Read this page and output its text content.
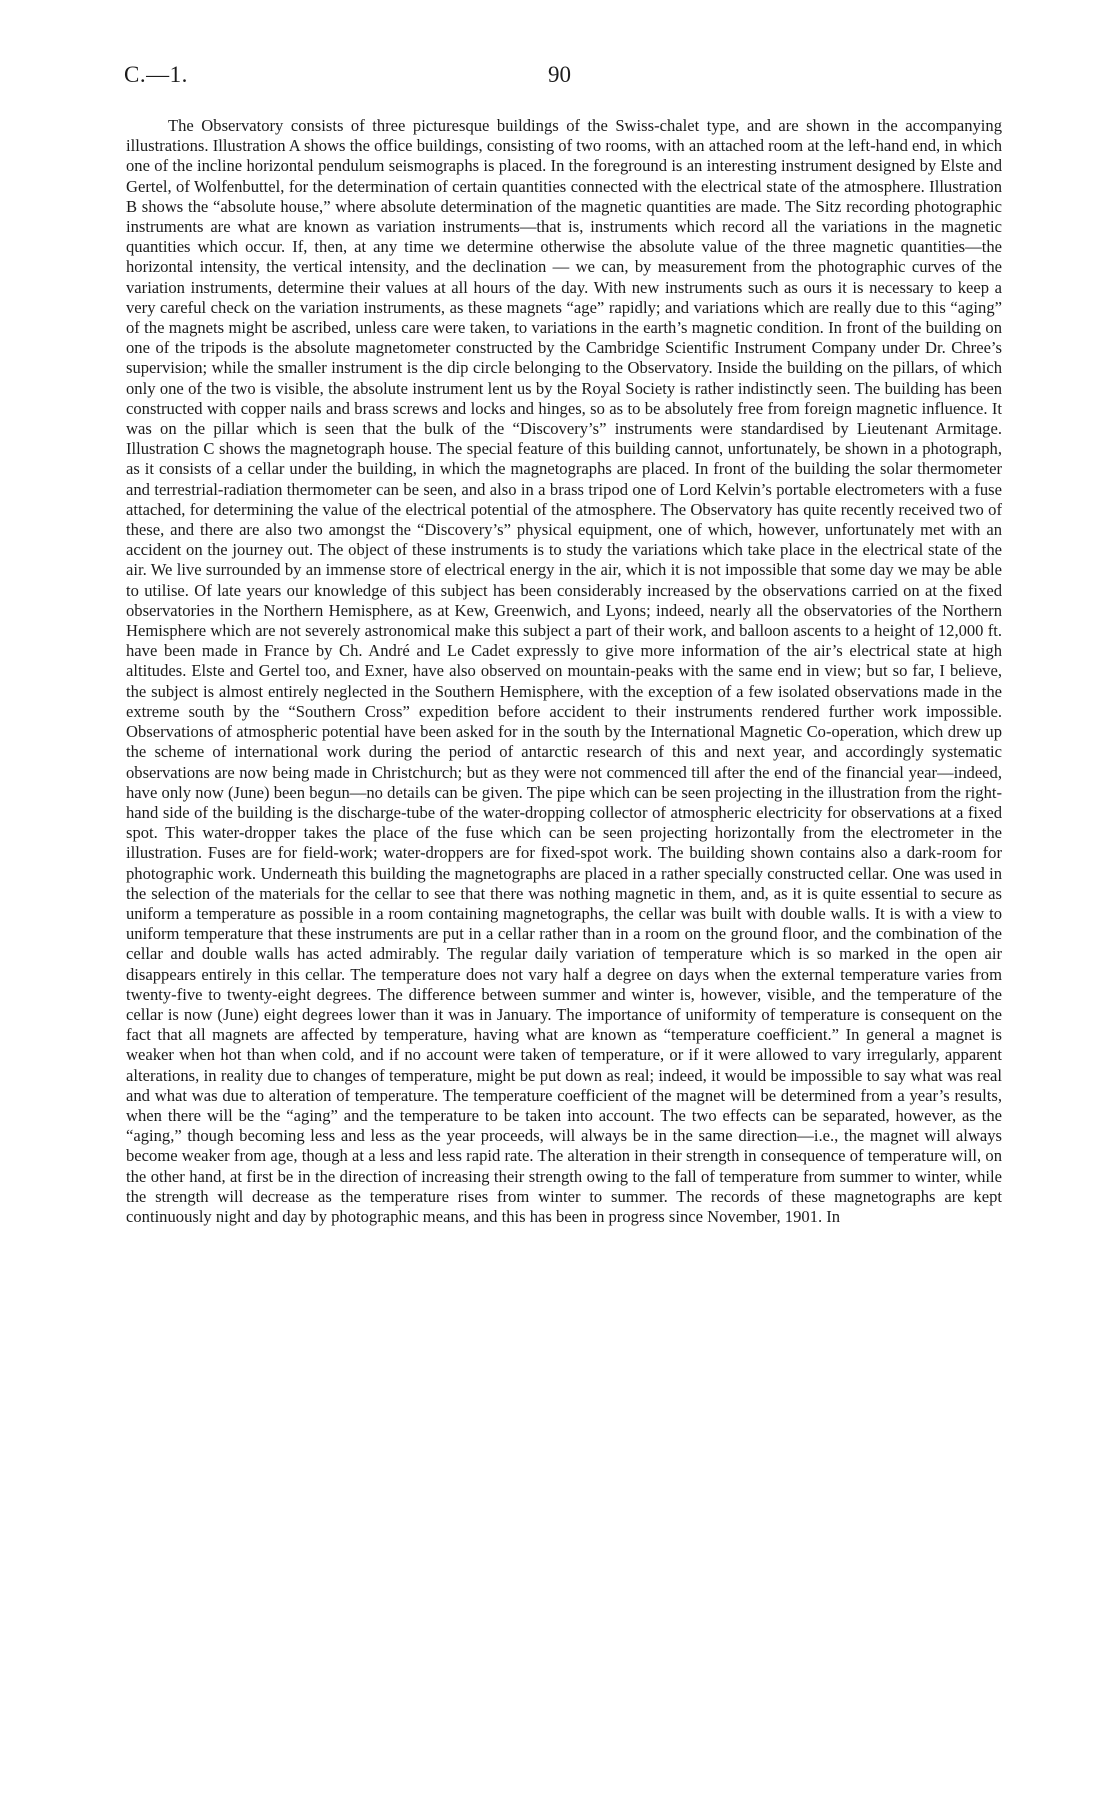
C.—1.	90

The Observatory consists of three picturesque buildings of the Swiss-chalet type, and are shown in the accompanying illustrations. Illustration A shows the office buildings, consisting of two rooms, with an attached room at the left-hand end, in which one of the incline horizontal pendulum seismographs is placed. In the foreground is an interesting instrument designed by Elste and Gertel, of Wolfenbuttel, for the determination of certain quantities connected with the electrical state of the atmosphere. Illustration B shows the “absolute house,” where absolute determination of the magnetic quantities are made. The Sitz recording photographic instruments are what are known as variation instruments—that is, instruments which record all the variations in the magnetic quantities which occur. If, then, at any time we determine otherwise the absolute value of the three magnetic quantities—the horizontal intensity, the vertical intensity, and the declination — we can, by measurement from the photographic curves of the variation instruments, determine their values at all hours of the day. With new instruments such as ours it is necessary to keep a very careful check on the variation instruments, as these magnets “age” rapidly; and variations which are really due to this “aging” of the magnets might be ascribed, unless care were taken, to variations in the earth’s magnetic condition. In front of the building on one of the tripods is the absolute magnetometer constructed by the Cambridge Scientific Instrument Company under Dr. Chree’s supervision; while the smaller instrument is the dip circle belonging to the Observatory. Inside the building on the pillars, of which only one of the two is visible, the absolute instrument lent us by the Royal Society is rather indistinctly seen. The building has been constructed with copper nails and brass screws and locks and hinges, so as to be absolutely free from foreign magnetic influence. It was on the pillar which is seen that the bulk of the “Discovery’s” instruments were standardised by Lieutenant Armitage. Illustration C shows the magnetograph house. The special feature of this building cannot, unfortunately, be shown in a photograph, as it consists of a cellar under the building, in which the magnetographs are placed. In front of the building the solar thermometer and terrestrial-radiation thermometer can be seen, and also in a brass tripod one of Lord Kelvin’s portable electrometers with a fuse attached, for determining the value of the electrical potential of the atmosphere. The Observatory has quite recently received two of these, and there are also two amongst the “Discovery’s” physical equipment, one of which, however, unfortunately met with an accident on the journey out. The object of these instruments is to study the variations which take place in the electrical state of the air. We live surrounded by an immense store of electrical energy in the air, which it is not impossible that some day we may be able to utilise. Of late years our knowledge of this subject has been considerably increased by the observations carried on at the fixed observatories in the Northern Hemisphere, as at Kew, Greenwich, and Lyons; indeed, nearly all the observatories of the Northern Hemisphere which are not severely astronomical make this subject a part of their work, and balloon ascents to a height of 12,000 ft. have been made in France by Ch. André and Le Cadet expressly to give more information of the air’s electrical state at high altitudes. Elste and Gertel too, and Exner, have also observed on mountain-peaks with the same end in view; but so far, I believe, the subject is almost entirely neglected in the Southern Hemisphere, with the exception of a few isolated observations made in the extreme south by the “Southern Cross” expedition before accident to their instruments rendered further work impossible. Observations of atmospheric potential have been asked for in the south by the International Magnetic Co-operation, which drew up the scheme of international work during the period of antarctic research of this and next year, and accordingly systematic observations are now being made in Christchurch; but as they were not commenced till after the end of the financial year—indeed, have only now (June) been begun—no details can be given. The pipe which can be seen projecting in the illustration from the right-hand side of the building is the discharge-tube of the water-dropping collector of atmospheric electricity for observations at a fixed spot. This water-dropper takes the place of the fuse which can be seen projecting horizontally from the electrometer in the illustration. Fuses are for field-work; water-droppers are for fixed-spot work. The building shown contains also a dark-room for photographic work. Underneath this building the magnetographs are placed in a rather specially constructed cellar. One was used in the selection of the materials for the cellar to see that there was nothing magnetic in them, and, as it is quite essential to secure as uniform a temperature as possible in a room containing magnetographs, the cellar was built with double walls. It is with a view to uniform temperature that these instruments are put in a cellar rather than in a room on the ground floor, and the combination of the cellar and double walls has acted admirably. The regular daily variation of temperature which is so marked in the open air disappears entirely in this cellar. The temperature does not vary half a degree on days when the external temperature varies from twenty-five to twenty-eight degrees. The difference between summer and winter is, however, visible, and the temperature of the cellar is now (June) eight degrees lower than it was in January. The importance of uniformity of temperature is consequent on the fact that all magnets are affected by temperature, having what are known as “temperature coefficient.” In general a magnet is weaker when hot than when cold, and if no account were taken of temperature, or if it were allowed to vary irregularly, apparent alterations, in reality due to changes of temperature, might be put down as real; indeed, it would be impossible to say what was real and what was due to alteration of temperature. The temperature coefficient of the magnet will be determined from a year’s results, when there will be the “aging” and the temperature to be taken into account. The two effects can be separated, however, as the “aging,” though becoming less and less as the year proceeds, will always be in the same direction—i.e., the magnet will always become weaker from age, though at a less and less rapid rate. The alteration in their strength in consequence of temperature will, on the other hand, at first be in the direction of increasing their strength owing to the fall of temperature from summer to winter, while the strength will decrease as the temperature rises from winter to summer. The records of these magnetographs are kept continuously night and day by photographic means, and this has been in progress since November, 1901. In
